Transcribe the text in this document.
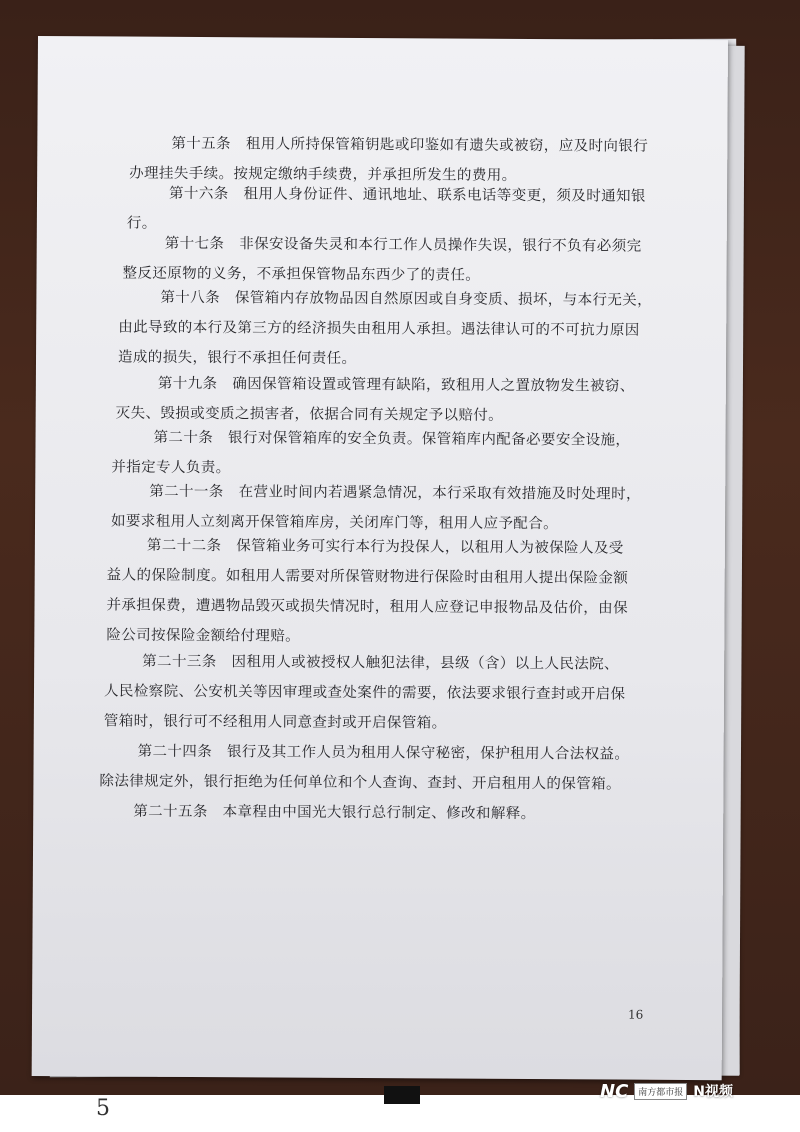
第十五条　租用人所持保管箱钥匙或印鉴如有遗失或被窃，应及时向银行
办理挂失手续。按规定缴纳手续费，并承担所发生的费用。
第十六条　租用人身份证件、通讯地址、联系电话等变更，须及时通知银
行。
第十七条　非保安设备失灵和本行工作人员操作失误，银行不负有必须完
整反还原物的义务，不承担保管物品东西少了的责任。
第十八条　保管箱内存放物品因自然原因或自身变质、损坏，与本行无关，
由此导致的本行及第三方的经济损失由租用人承担。遇法律认可的不可抗力原因
造成的损失，银行不承担任何责任。
第十九条　确因保管箱设置或管理有缺陷，致租用人之置放物发生被窃、
灭失、毁损或变质之损害者，依据合同有关规定予以赔付。
第二十条　银行对保管箱库的安全负责。保管箱库内配备必要安全设施，
并指定专人负责。
第二十一条　在营业时间内若遇紧急情况，本行采取有效措施及时处理时，
如要求租用人立刻离开保管箱库房，关闭库门等，租用人应予配合。
第二十二条　保管箱业务可实行本行为投保人，以租用人为被保险人及受
益人的保险制度。如租用人需要对所保管财物进行保险时由租用人提出保险金额
并承担保费，遭遇物品毁灭或损失情况时，租用人应登记申报物品及估价，由保
险公司按保险金额给付理赔。
第二十三条　因租用人或被授权人触犯法律，县级（含）以上人民法院、
人民检察院、公安机关等因审理或查处案件的需要，依法要求银行查封或开启保
管箱时，银行可不经租用人同意查封或开启保管箱。
第二十四条　银行及其工作人员为租用人保守秘密，保护租用人合法权益。
除法律规定外，银行拒绝为任何单位和个人查询、查封、开启租用人的保管箱。
第二十五条　本章程由中国光大银行总行制定、修改和解释。
16
5
NC	南方都市报 N视频
